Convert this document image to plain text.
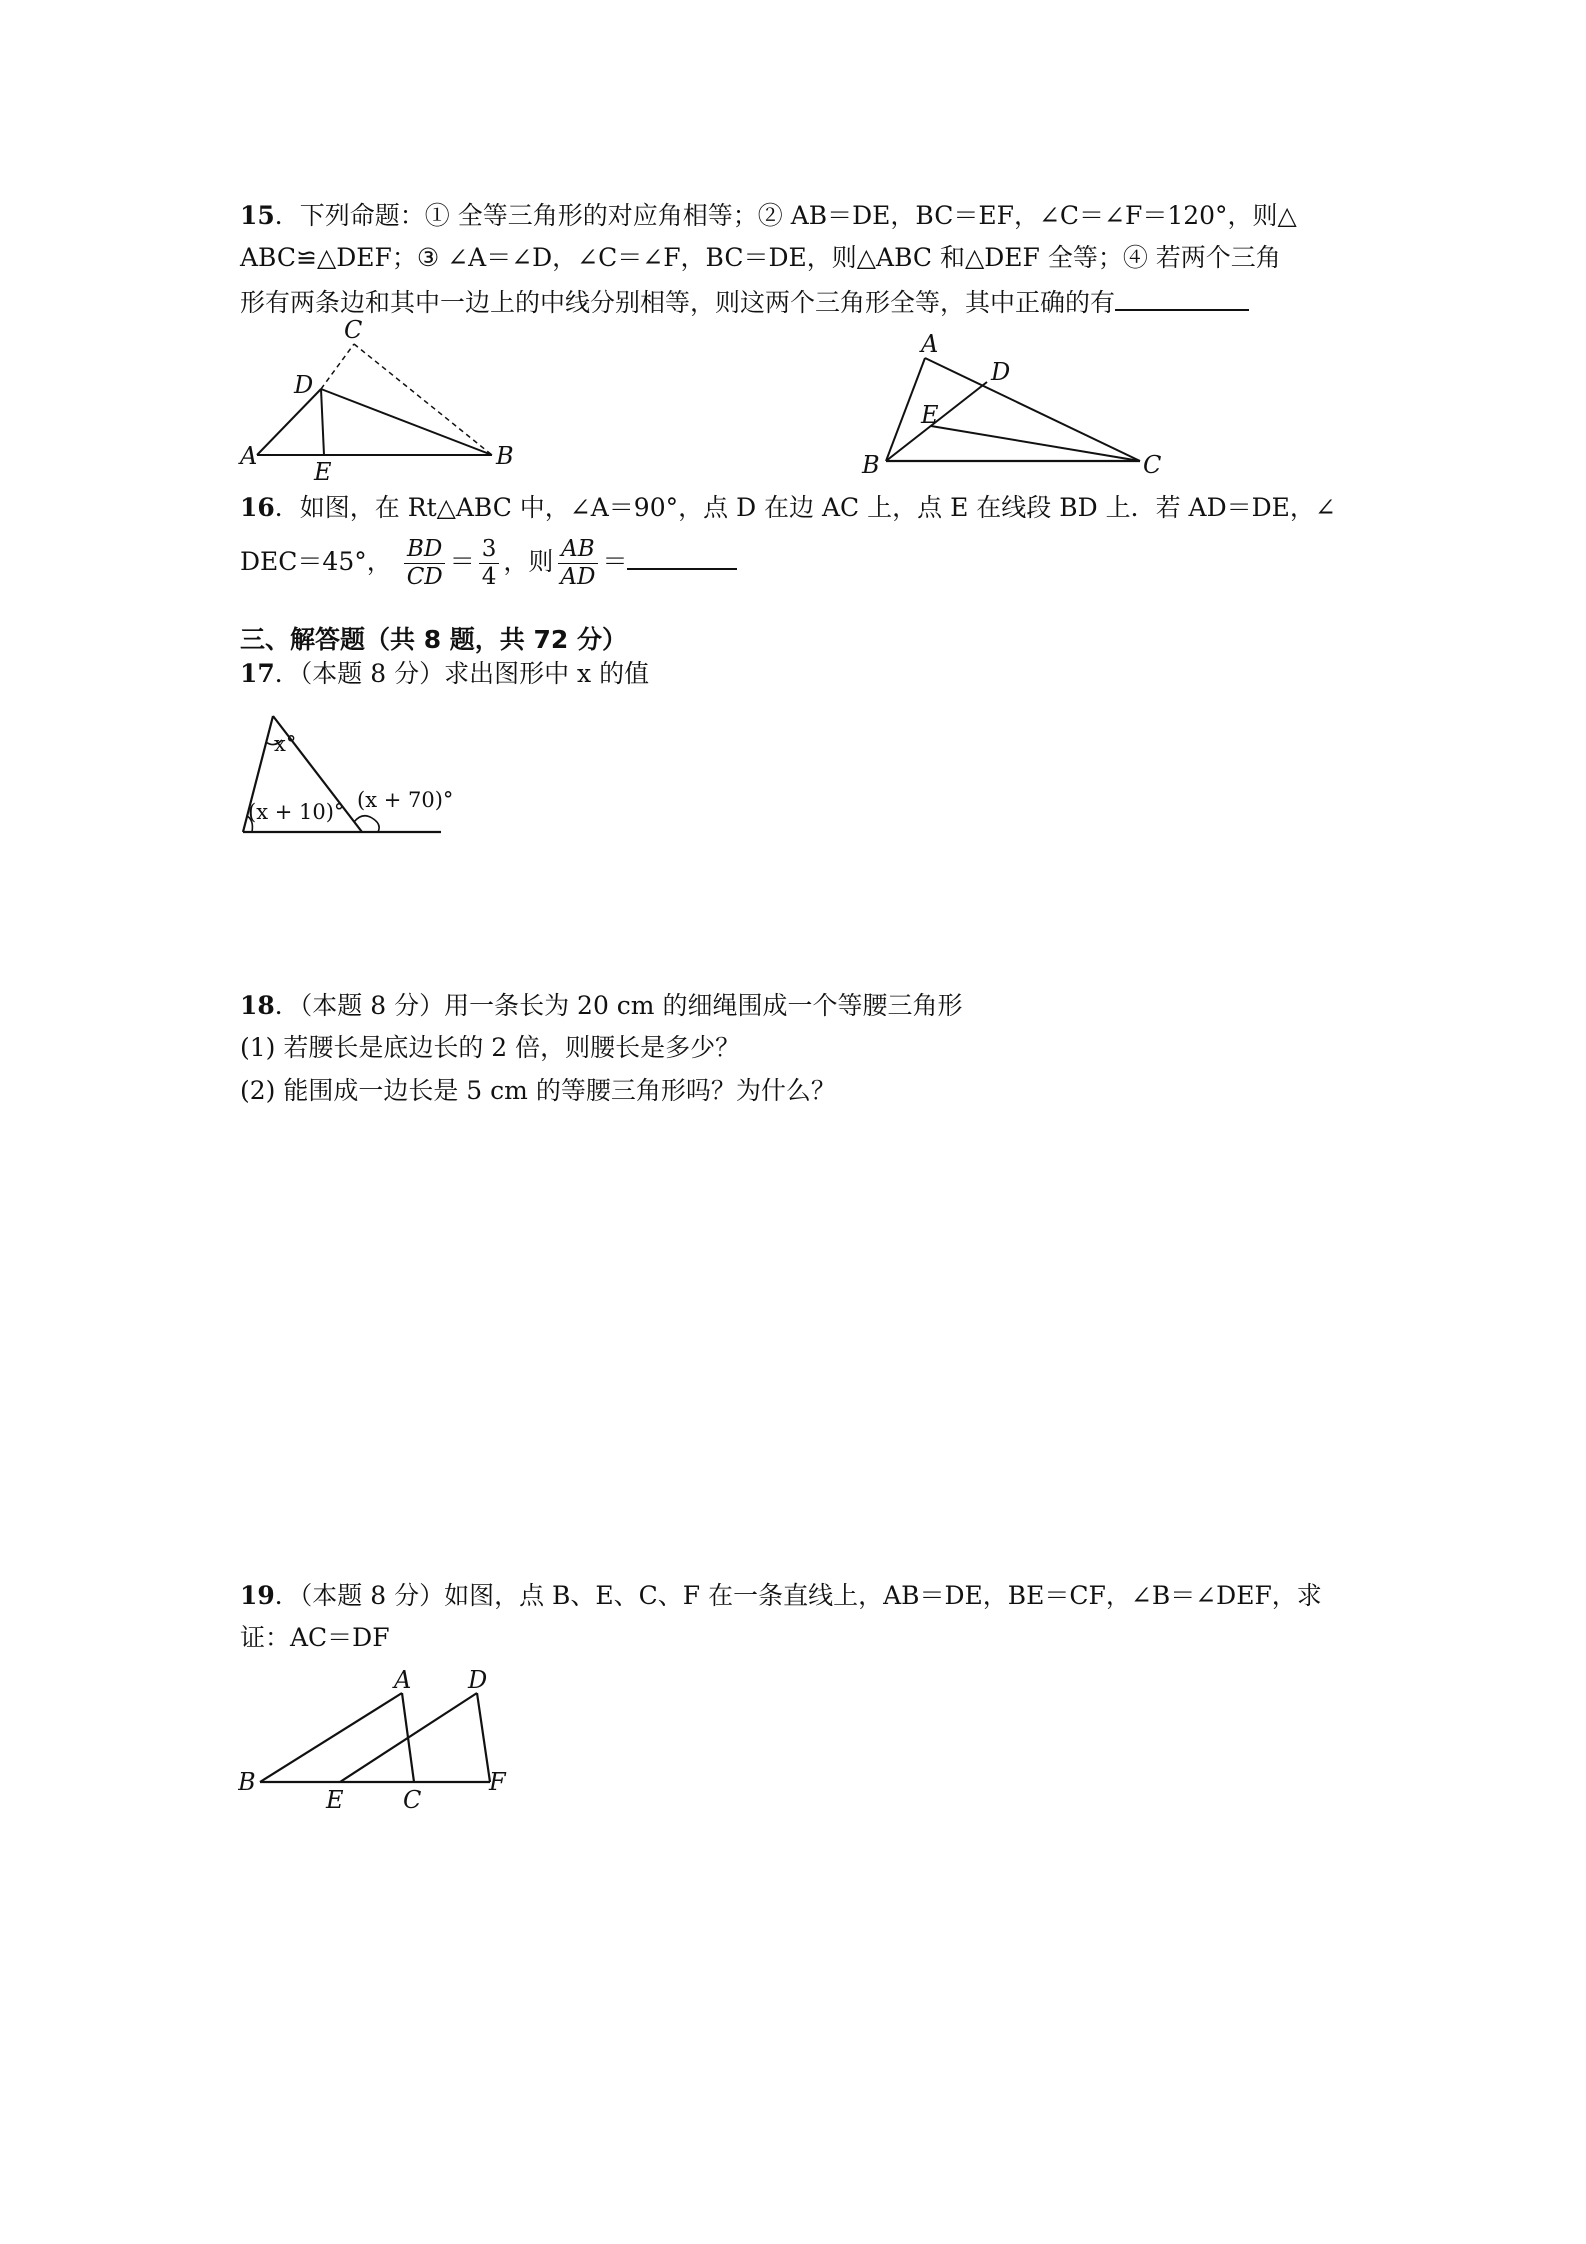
15．下列命题：① 全等三角形的对应角相等；② AB＝DE，BC＝EF，∠C＝∠F＝120°，则△
ABC≌△DEF；③ ∠A＝∠D，∠C＝∠F，BC＝DE，则△ABC 和△DEF 全等；④ 若两个三角
形有两条边和其中一边上的中线分别相等，则这两个三角形全等，其中正确的有
A	B
C
D
E
A
B	C
D
E
16．如图，在 Rt△ABC 中，∠A＝90°，点 D 在边 AC 上，点 E 在线段 BD 上．若 AD＝DE，∠
DEC＝45°， $\frac{BD}{CD} = \frac{3}{4}$ ，则 $\frac{AB}{AD}$ ＝
三、解答题（共 8 题，共 72 分）
17．（本题 8 分）求出图形中 x 的值
x°
(x + 10)° (x + 70)°
18．（本题 8 分）用一条长为 20 cm 的细绳围成一个等腰三角形
(1) 若腰长是底边长的 2 倍，则腰长是多少？
(2) 能围成一边长是 5 cm 的等腰三角形吗？为什么？
19．（本题 8 分）如图，点 B、E、C、F 在一条直线上，AB＝DE，BE＝CF，∠B＝∠DEF，求
证：AC＝DF
A
B
C
D
E
F
